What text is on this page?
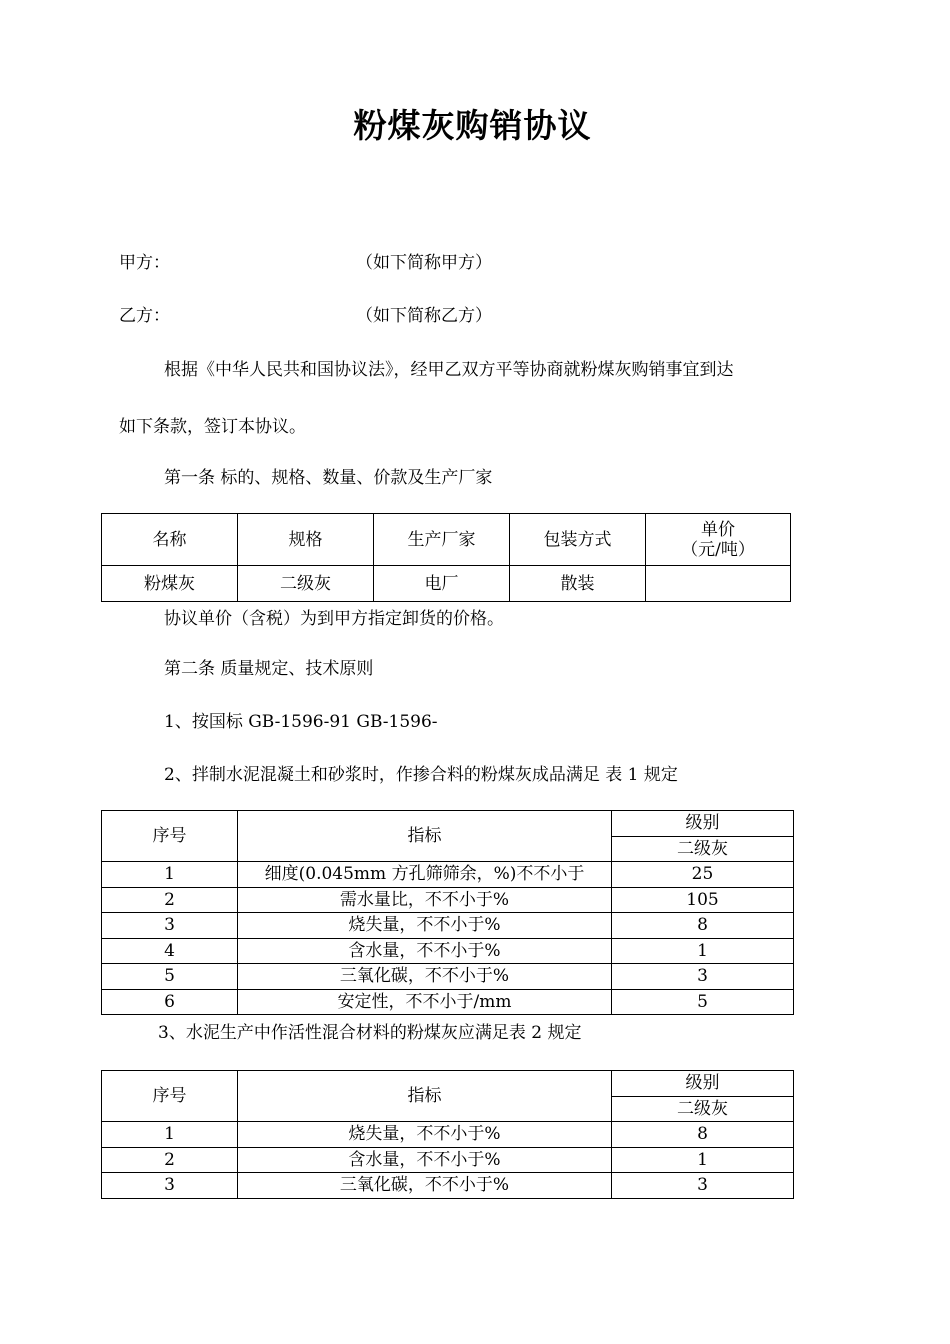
粉煤灰购销协议
甲方：	（如下简称甲方）
乙方：	（如下简称乙方）
根据《中华人民共和国协议法》，经甲乙双方平等协商就粉煤灰购销事宜到达
如下条款，签订本协议。
第一条 标的、规格、数量、价款及生产厂家
名称	规格	生产厂家	包装方式	单价
（元/吨）

粉煤灰	二级灰	电厂	散装	
协议单价（含税）为到甲方指定卸货的价格。
第二条 质量规定、技术原则
1、按国标 GB-1596-91 GB-1596-
2、拌制水泥混凝土和砂浆时，作掺合料的粉煤灰成品满足 表 1 规定
序号	指标	级别
		二级灰
1	细度(0.045mm 方孔筛筛余，%)不不小于	25
2	需水量比，不不小于%	105
3	烧失量，不不小于%	8
4	含水量，不不小于%	1
5	三氧化碳，不不小于%	3
6	安定性，不不小于/mm	5
3、水泥生产中作活性混合材料的粉煤灰应满足表 2 规定
序号	指标	级别
		二级灰
1	烧失量，不不小于%	8
2	含水量，不不小于%	1
3	三氧化碳，不不小于%	3
